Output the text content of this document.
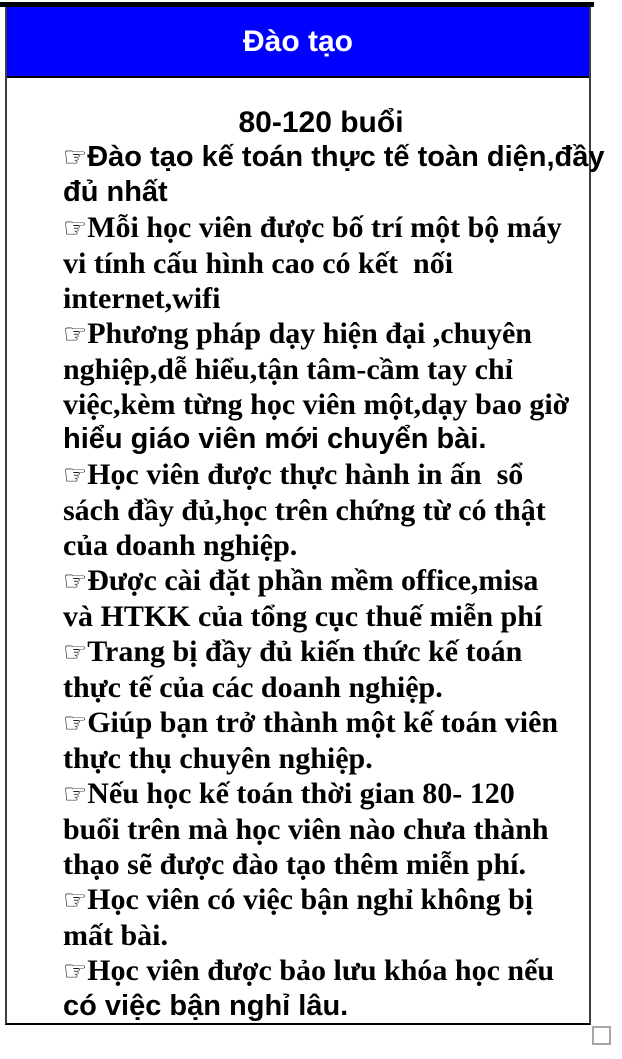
Đào tạo
80-120 buổi

☞Đào tạo kế toán thực tế toàn diện,đầy
đủ nhất

☞Mỗi học viên được bố trí một bộ máy
vi tính cấu hình cao có kết  nối
internet,wifi

☞Phương pháp dạy hiện đại ,chuyên
nghiệp,dễ hiểu,tận tâm-cầm tay chỉ
việc,kèm từng học viên một,dạy bao giờ
hiểu giáo viên mới chuyển bài.

☞Học viên được thực hành in ấn  sổ
sách đầy đủ,học trên chứng từ có thật
của doanh nghiệp.

☞Được cài đặt phần mềm office,misa
và HTKK của tổng cục thuế miễn phí

☞Trang bị đầy đủ kiến thức kế toán
thực tế của các doanh nghiệp.

☞Giúp bạn trở thành một kế toán viên
thực thụ chuyên nghiệp.

☞Nếu học kế toán thời gian 80- 120
buổi trên mà học viên nào chưa thành
thạo sẽ được đào tạo thêm miễn phí.

☞Học viên có việc bận nghỉ không bị
mất bài.

☞Học viên được bảo lưu khóa học nếu
có việc bận nghỉ lâu.
